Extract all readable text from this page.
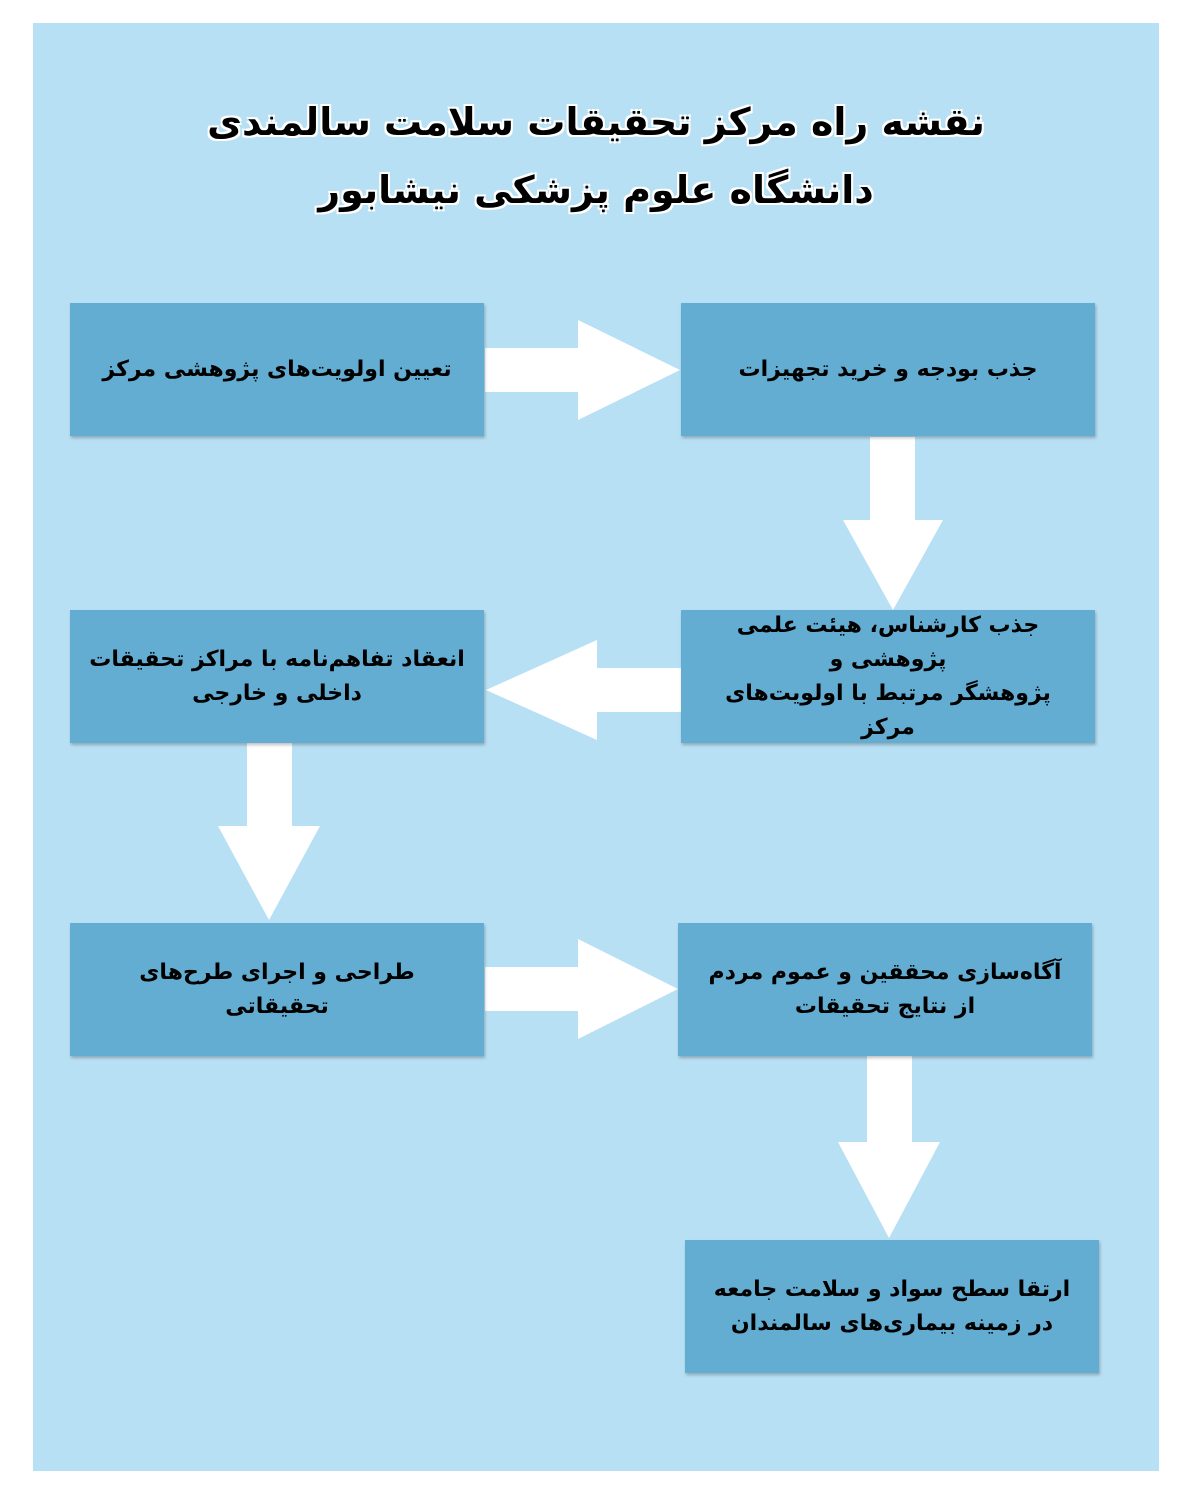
نقشه راه مرکز تحقیقات سلامت سالمندی
دانشگاه علوم پزشکی نیشابور
تعیین اولویت‌های پژوهشی مرکز	جذب بودجه و خرید تجهیزات
جذب کارشناس، هیئت علمی پژوهشی و
پژوهشگر مرتبط با اولویت‌های مرکز
انعقاد تفاهم‌نامه با مراکز تحقیقات
داخلی و خارجی
طراحی و اجرای طرح‌های تحقیقاتی
آگاه‌سازی محققین و عموم مردم
از نتایج تحقیقات
ارتقا سطح سواد و سلامت جامعه
در زمینه بیماری‌های سالمندان
